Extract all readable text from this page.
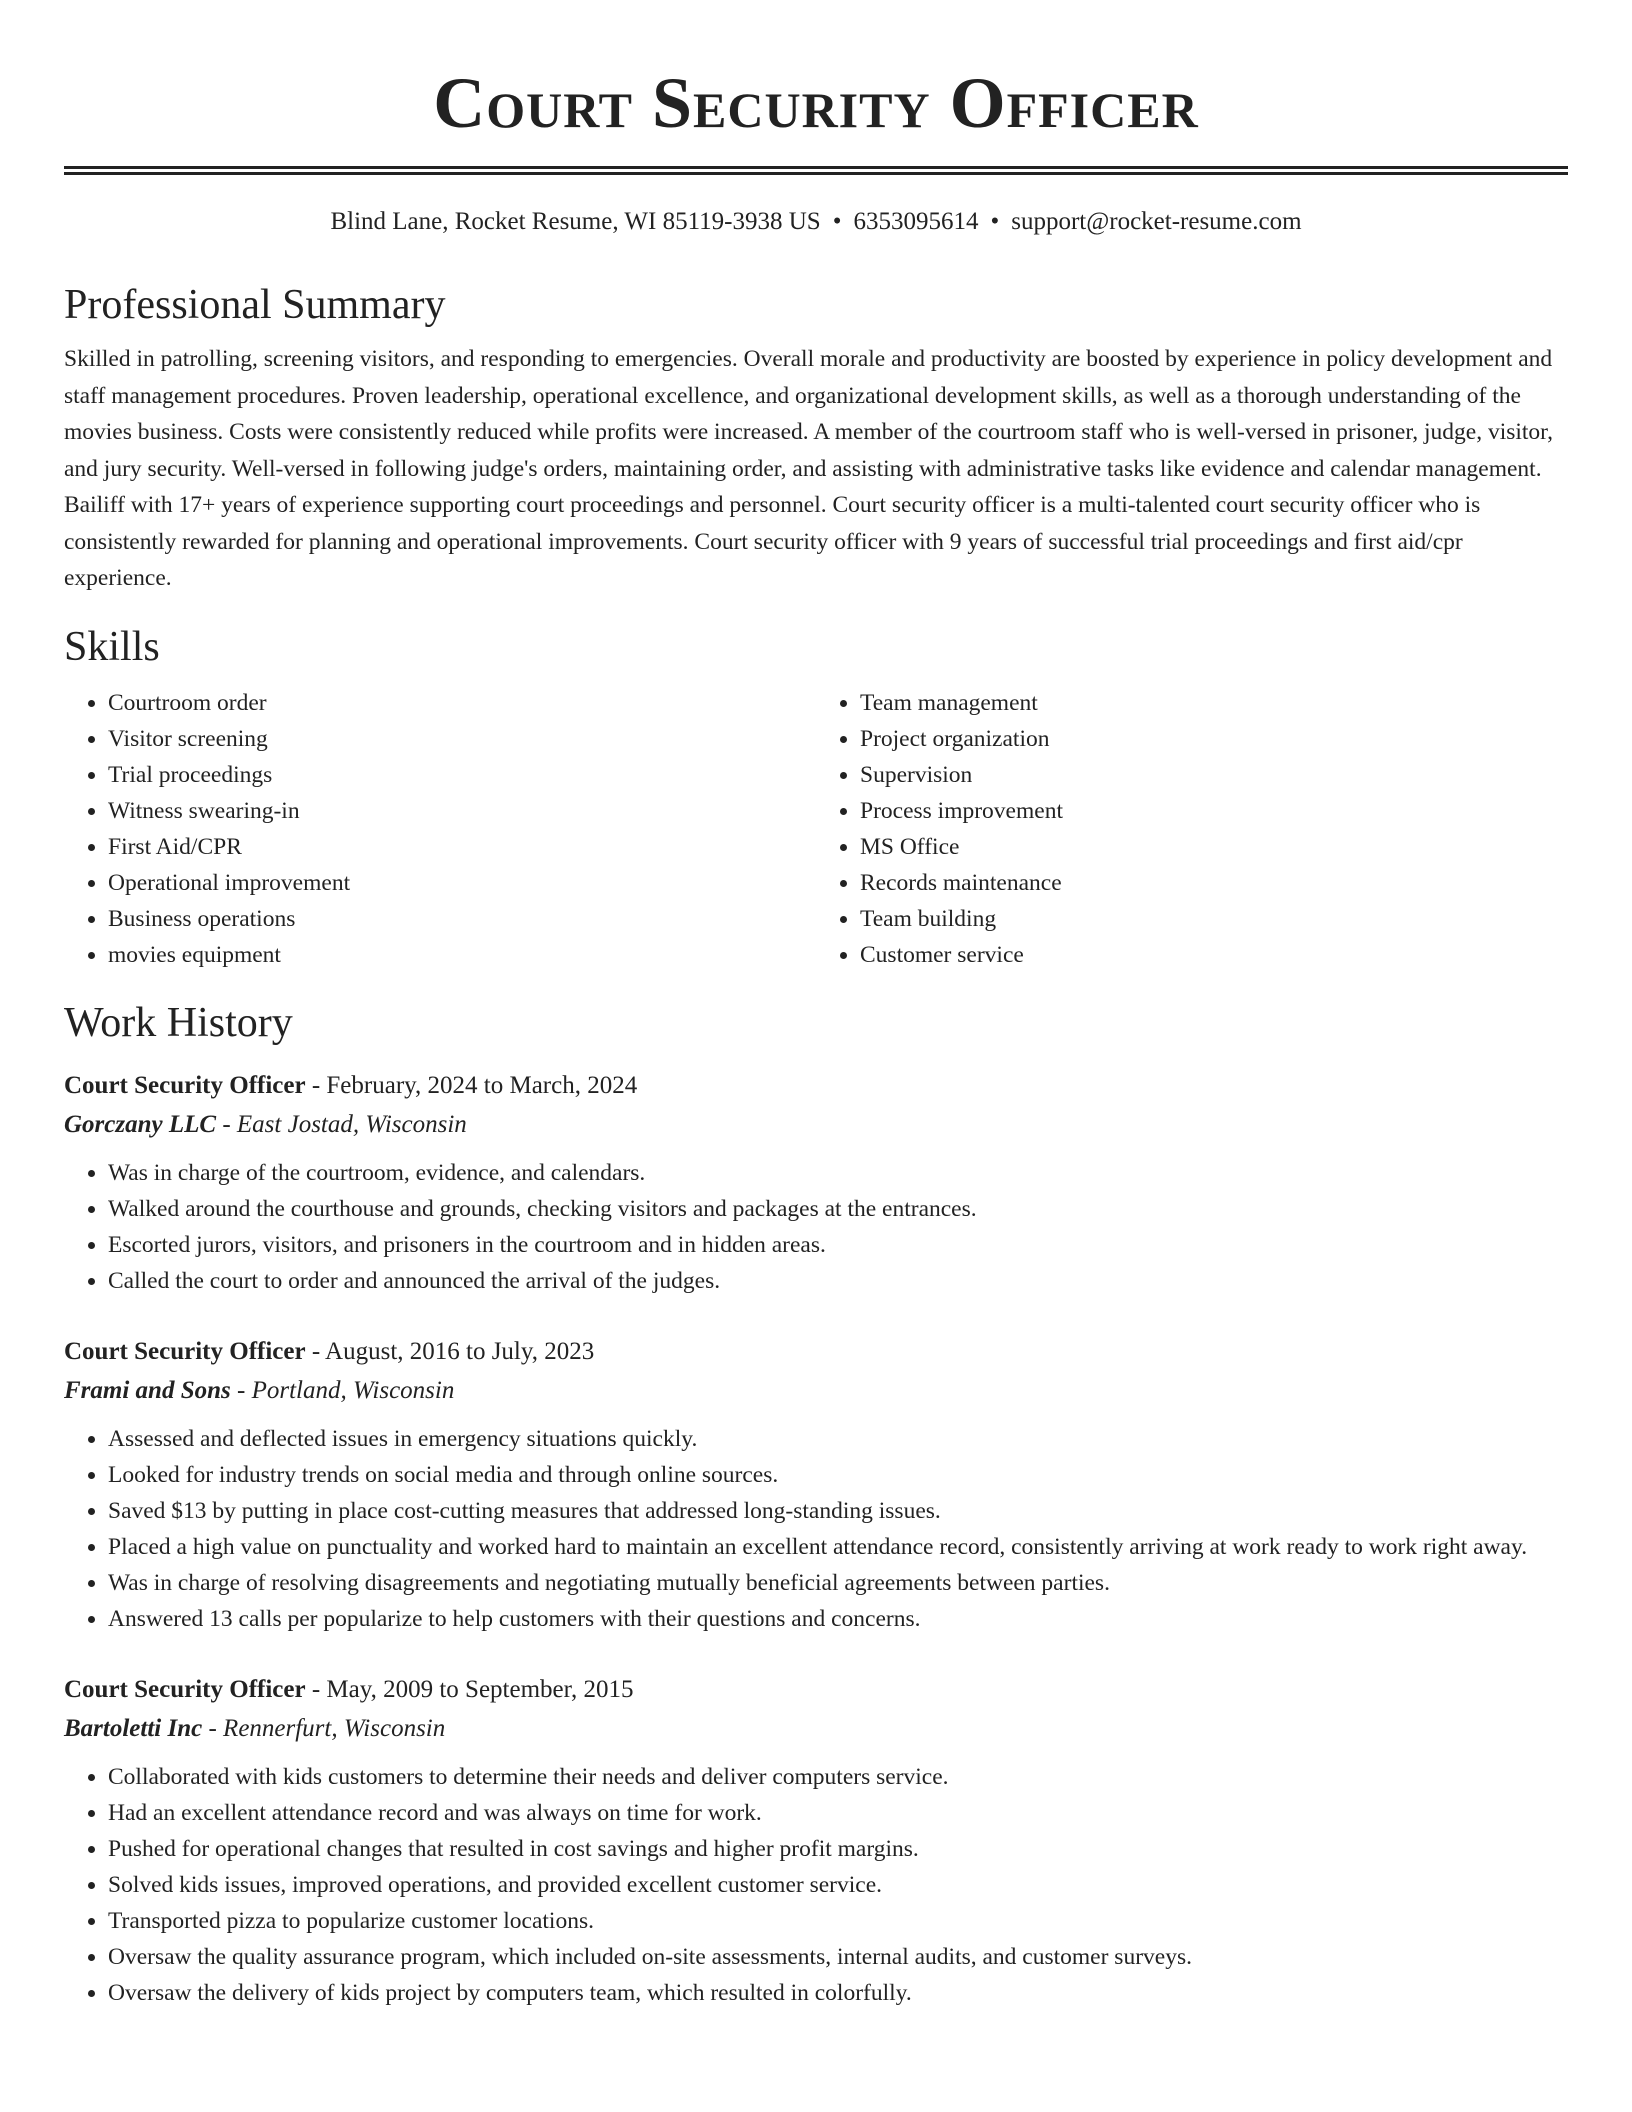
Court Security Officer
Blind Lane, Rocket Resume, WI 85119-3938 US • 6353095614 • support@rocket-resume.com
Professional Summary

Skilled in patrolling, screening visitors, and responding to emergencies. Overall morale and productivity are boosted by experience in policy development and staff management procedures. Proven leadership, operational excellence, and organizational development skills, as well as a thorough understanding of the movies business. Costs were consistently reduced while profits were increased. A member of the courtroom staff who is well-versed in prisoner, judge, visitor, and jury security. Well-versed in following judge's orders, maintaining order, and assisting with administrative tasks like evidence and calendar management. Bailiff with 17+ years of experience supporting court proceedings and personnel. Court security officer is a multi-talented court security officer who is consistently rewarded for planning and operational improvements. Court security officer with 9 years of successful trial proceedings and first aid/cpr experience.

Skills
• Courtroom order
• Visitor screening
• Trial proceedings
• Witness swearing-in
• First Aid/CPR
• Operational improvement
• Business operations
• movies equipment
• Team management
• Project organization
• Supervision
• Process improvement
• MS Office
• Records maintenance
• Team building
• Customer service
Work History
Court Security Officer - February, 2024 to March, 2024
Gorczany LLC - East Jostad, Wisconsin
• Was in charge of the courtroom, evidence, and calendars.
• Walked around the courthouse and grounds, checking visitors and packages at the entrances.
• Escorted jurors, visitors, and prisoners in the courtroom and in hidden areas.
• Called the court to order and announced the arrival of the judges.
Court Security Officer - August, 2016 to July, 2023
Frami and Sons - Portland, Wisconsin
• Assessed and deflected issues in emergency situations quickly.
• Looked for industry trends on social media and through online sources.
• Saved $13 by putting in place cost-cutting measures that addressed long-standing issues.
• Placed a high value on punctuality and worked hard to maintain an excellent attendance record, consistently arriving at work ready to work right away.
• Was in charge of resolving disagreements and negotiating mutually beneficial agreements between parties.
• Answered 13 calls per popularize to help customers with their questions and concerns.
Court Security Officer - May, 2009 to September, 2015
Bartoletti Inc - Rennerfurt, Wisconsin
• Collaborated with kids customers to determine their needs and deliver computers service.
• Had an excellent attendance record and was always on time for work.
• Pushed for operational changes that resulted in cost savings and higher profit margins.
• Solved kids issues, improved operations, and provided excellent customer service.
• Transported pizza to popularize customer locations.
• Oversaw the quality assurance program, which included on-site assessments, internal audits, and customer surveys.
• Oversaw the delivery of kids project by computers team, which resulted in colorfully.
